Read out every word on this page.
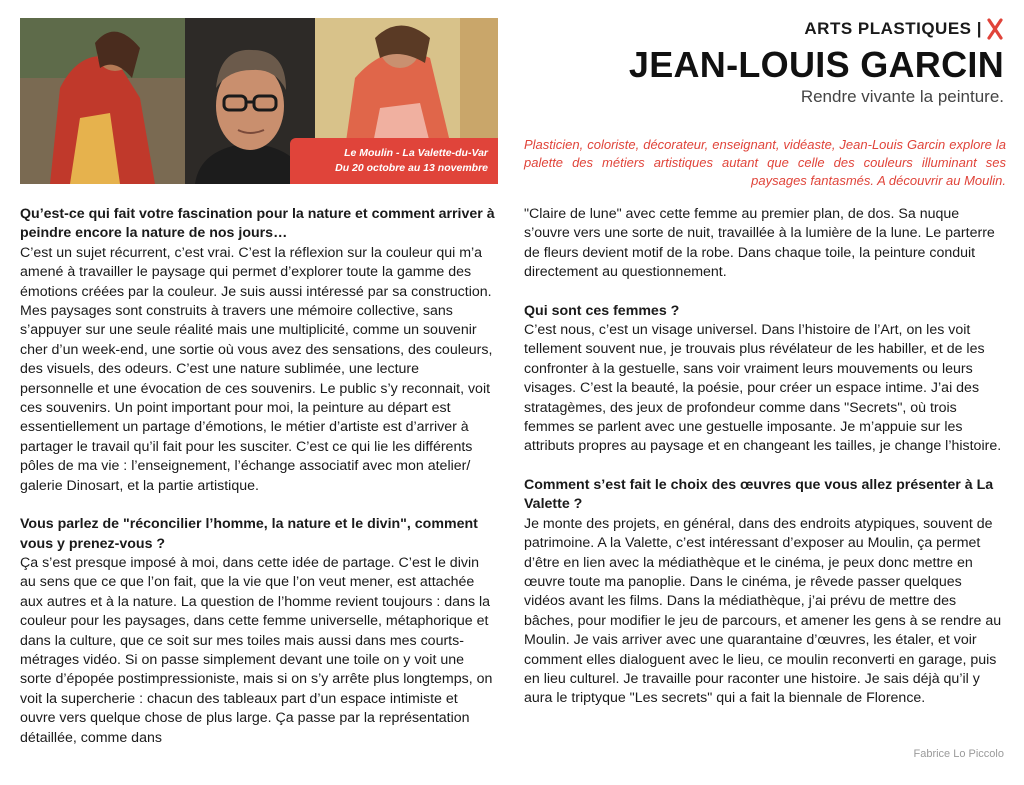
Le Moulin - La Valette-du-Var
Du 20 octobre au 13 novembre
ARTS PLASTIQUES |
JEAN-LOUIS GARCIN
Rendre vivante la peinture.
Plasticien, coloriste, décorateur, enseignant, vidéaste, Jean-Louis Garcin explore la palette des métiers artistiques autant que celle des couleurs illuminant ses paysages fantasmés. A découvrir au Moulin.

Qu’est-ce qui fait votre fascination pour la nature et comment arriver à peindre encore la nature de nos jours…

C’est un sujet récurrent, c’est vrai. C’est la réflexion sur la couleur qui m’a amené à travailler le paysage qui permet d’explorer toute la gamme des émotions créées par la couleur. Je suis aussi intéressé par sa construction. Mes paysages sont construits à travers une mémoire collective, sans s’appuyer sur une seule réalité mais une multiplicité, comme un souvenir cher d’un week-end, une sortie où vous avez des sensations, des couleurs, des visuels, des odeurs. C’est une nature sublimée, une lecture personnelle et une évocation de ces souvenirs. Le public s’y reconnait, voit ces souvenirs. Un point important pour moi, la peinture au départ est essentiellement un partage d’émotions, le métier d’artiste est d’arriver à partager le travail qu’il fait pour les susciter. C’est ce qui lie les différents pôles de ma vie : l’enseignement, l’échange associatif avec mon atelier/ galerie Dinosart, et la partie artistique.

Vous parlez de "réconcilier l’homme, la nature et le divin", comment vous y prenez-vous ?

Ça s’est presque imposé à moi, dans cette idée de partage. C’est le divin au sens que ce que l’on fait, que la vie que l’on veut mener, est attachée aux autres et à la nature. La question de l’homme revient toujours : dans la couleur pour les paysages, dans cette femme universelle, métaphorique et dans la culture, que ce soit sur mes toiles mais aussi dans mes courts-métrages vidéo. Si on passe simplement devant une toile on y voit une sorte d’épopée postimpressioniste, mais si on s’y arrête plus longtemps, on voit la supercherie : chacun des tableaux part d’un espace intimiste et ouvre vers quelque chose de plus large. Ça passe par la représentation détaillée, comme dans

"Claire de lune" avec cette femme au premier plan, de dos. Sa nuque s’ouvre vers une sorte de nuit, travaillée à la lumière de la lune. Le parterre de fleurs devient motif de la robe. Dans chaque toile, la peinture conduit directement au questionnement.

Qui sont ces femmes ?

C’est nous, c’est un visage universel. Dans l’histoire de l’Art, on les voit tellement souvent nue, je trouvais plus révélateur de les habiller, et de les confronter à la gestuelle, sans voir vraiment leurs mouvements ou leurs visages. C’est la beauté, la poésie, pour créer un espace intime. J’ai des stratagèmes, des jeux de profondeur comme dans "Secrets", où trois femmes se parlent avec une gestuelle imposante. Je m’appuie sur les attributs propres au paysage et en changeant les tailles, je change l’histoire.

Comment s’est fait le choix des œuvres que vous allez présenter à La Valette ?

Je monte des projets, en général, dans des endroits atypiques, souvent de patrimoine. A la Valette, c’est intéressant d’exposer au Moulin, ça permet d’être en lien avec la médiathèque et le cinéma, je peux donc mettre en œuvre toute ma panoplie. Dans le cinéma, je rêvede passer quelques vidéos avant les films. Dans la médiathèque, j’ai prévu de mettre des bâches, pour modifier le jeu de parcours, et amener les gens à se rendre au Moulin. Je vais arriver avec une quarantaine d’œuvres, les étaler, et voir comment elles dialoguent avec le lieu, ce moulin reconverti en garage, puis en lieu culturel. Je travaille pour raconter une histoire. Je sais déjà qu’il y aura le triptyque "Les secrets" qui a fait la biennale de Florence.

Fabrice Lo Piccolo
